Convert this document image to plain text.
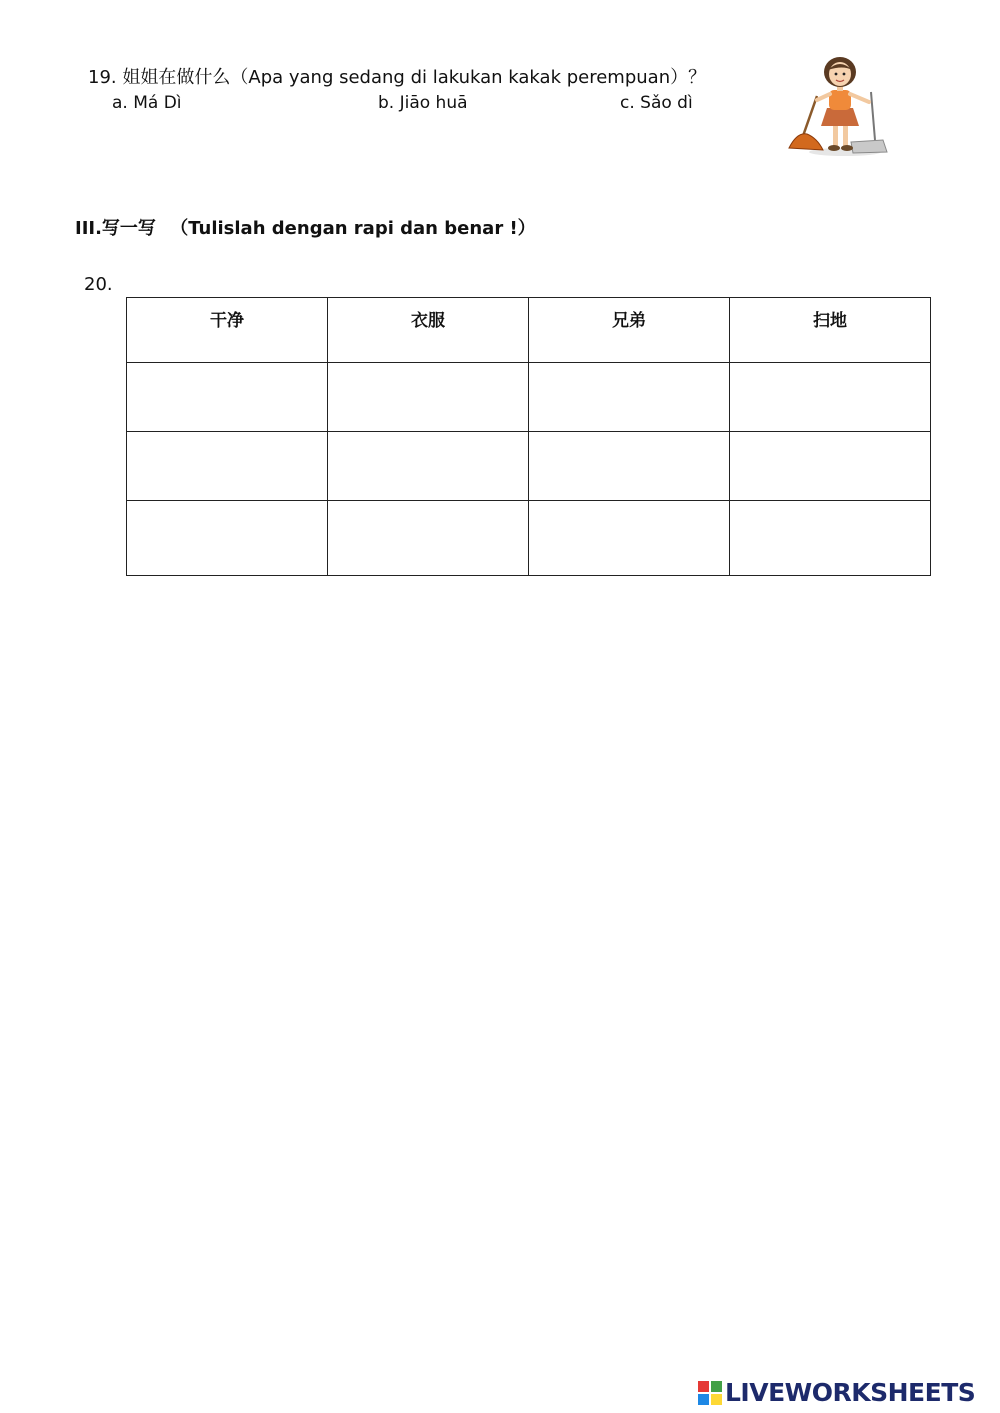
19. 姐姐在做什么（Apa yang sedang di lakukan kakak perempuan）？
a. Má Dì	b. Jiāo huā	c. Sǎo dì
III.写一写 （Tulislah dengan rapi dan benar !）
20.
干净	衣服	兄弟	扫地

LIVEWORKSHEETS
